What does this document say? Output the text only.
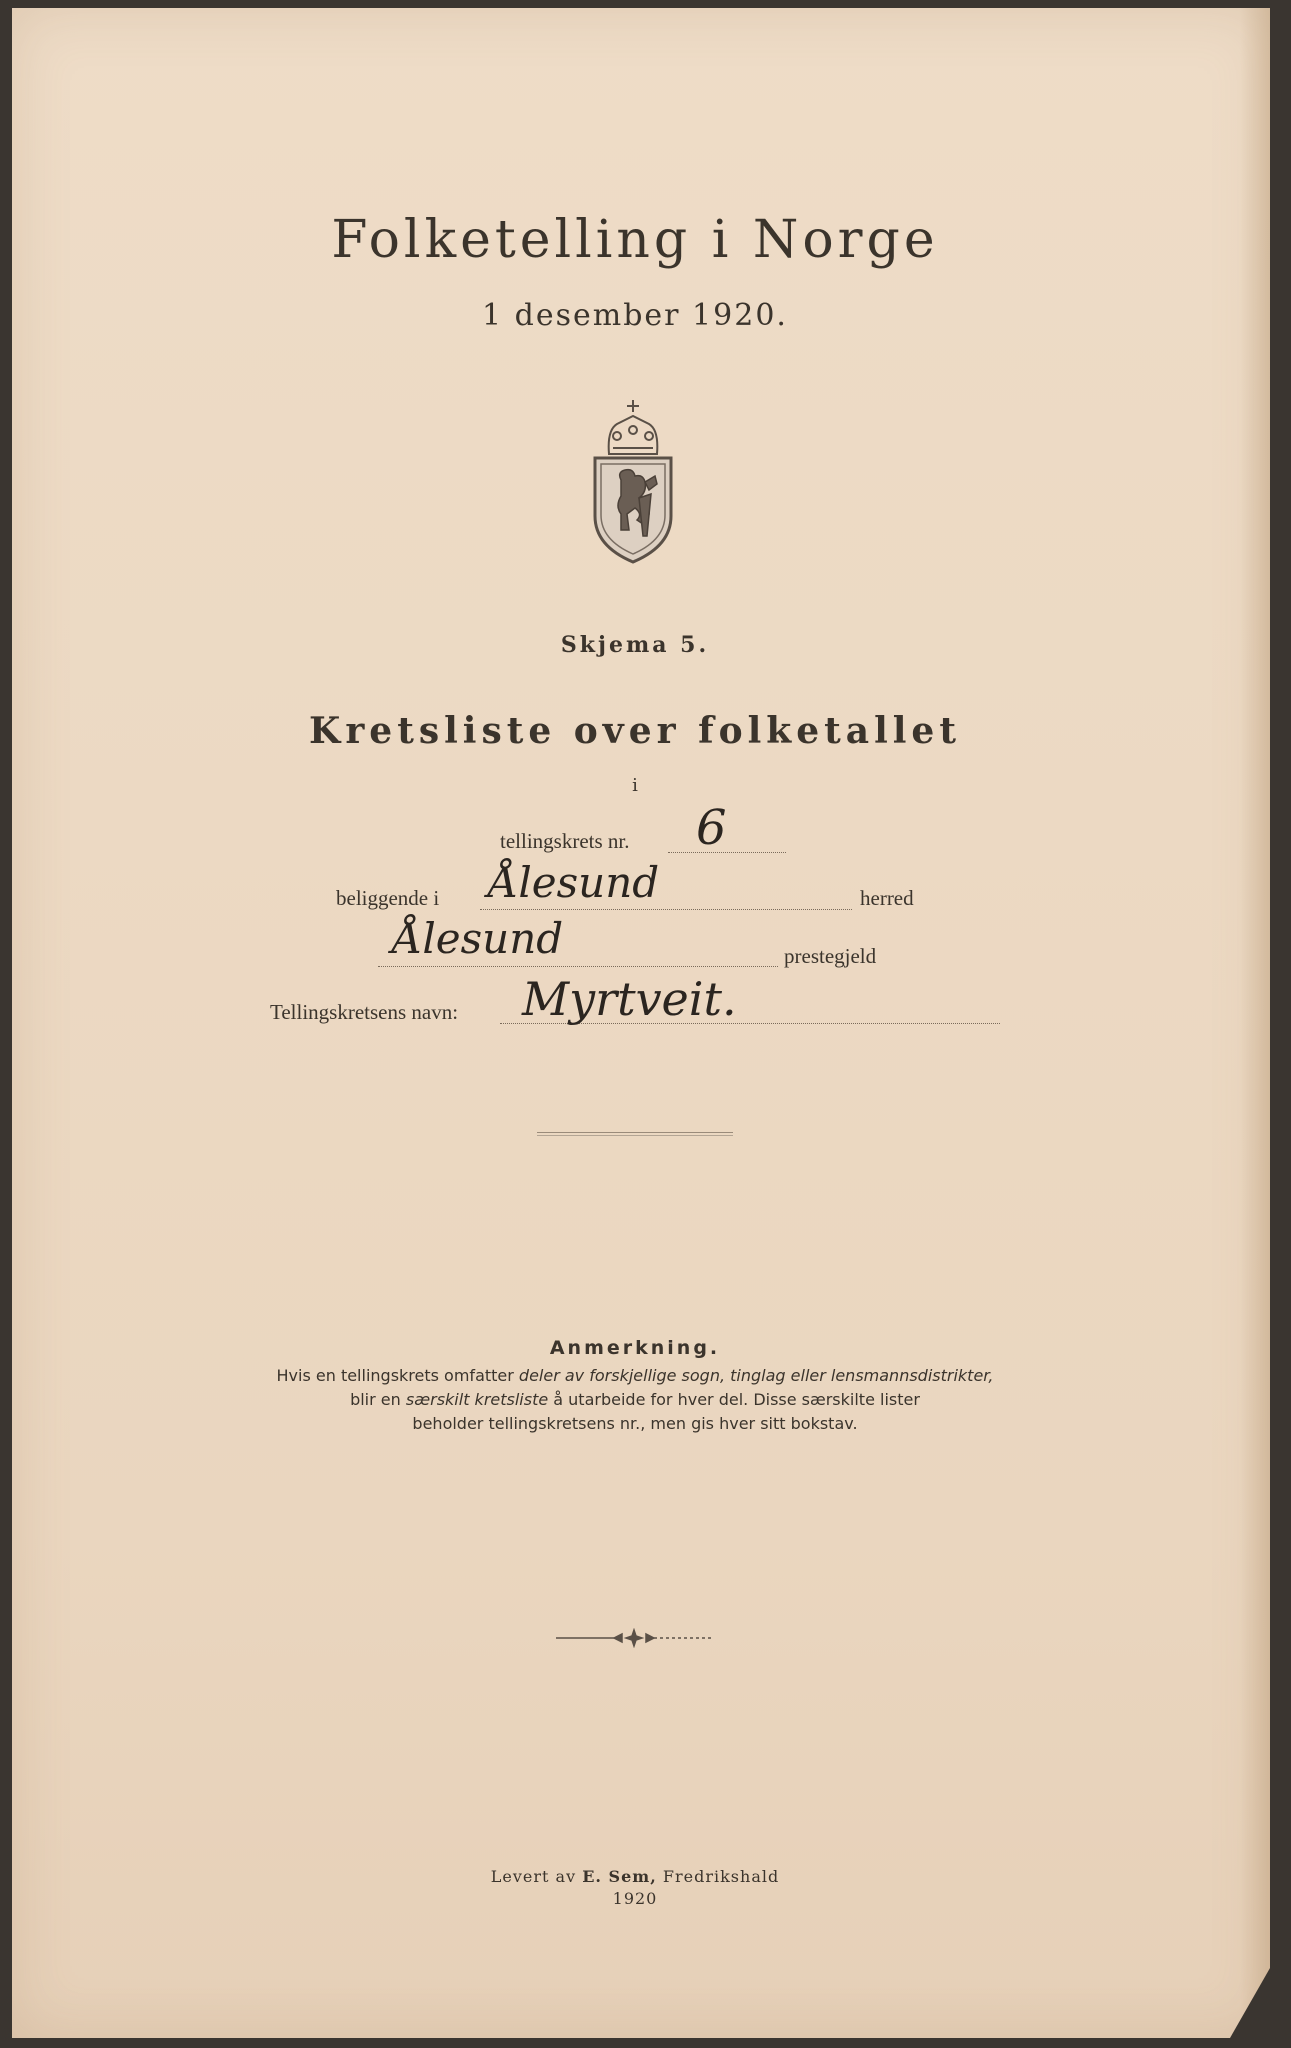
Folketelling i Norge
1 desember 1920.
Skjema 5.
Kretsliste over folketallet
i
tellingskrets nr. 6
beliggende i Ålesund	herred
Ålesund	prestegjeld
Tellingskretsens navn: Myrtveit.
Anmerkning.
Hvis en tellingskrets omfatter deler av forskjellige sogn, tinglag eller lensmannsdistrikter,
blir en særskilt kretsliste å utarbeide for hver del. Disse særskilte lister
beholder tellingskretsens nr., men gis hver sitt bokstav.
Levert av E. Sem, Fredrikshald
1920
